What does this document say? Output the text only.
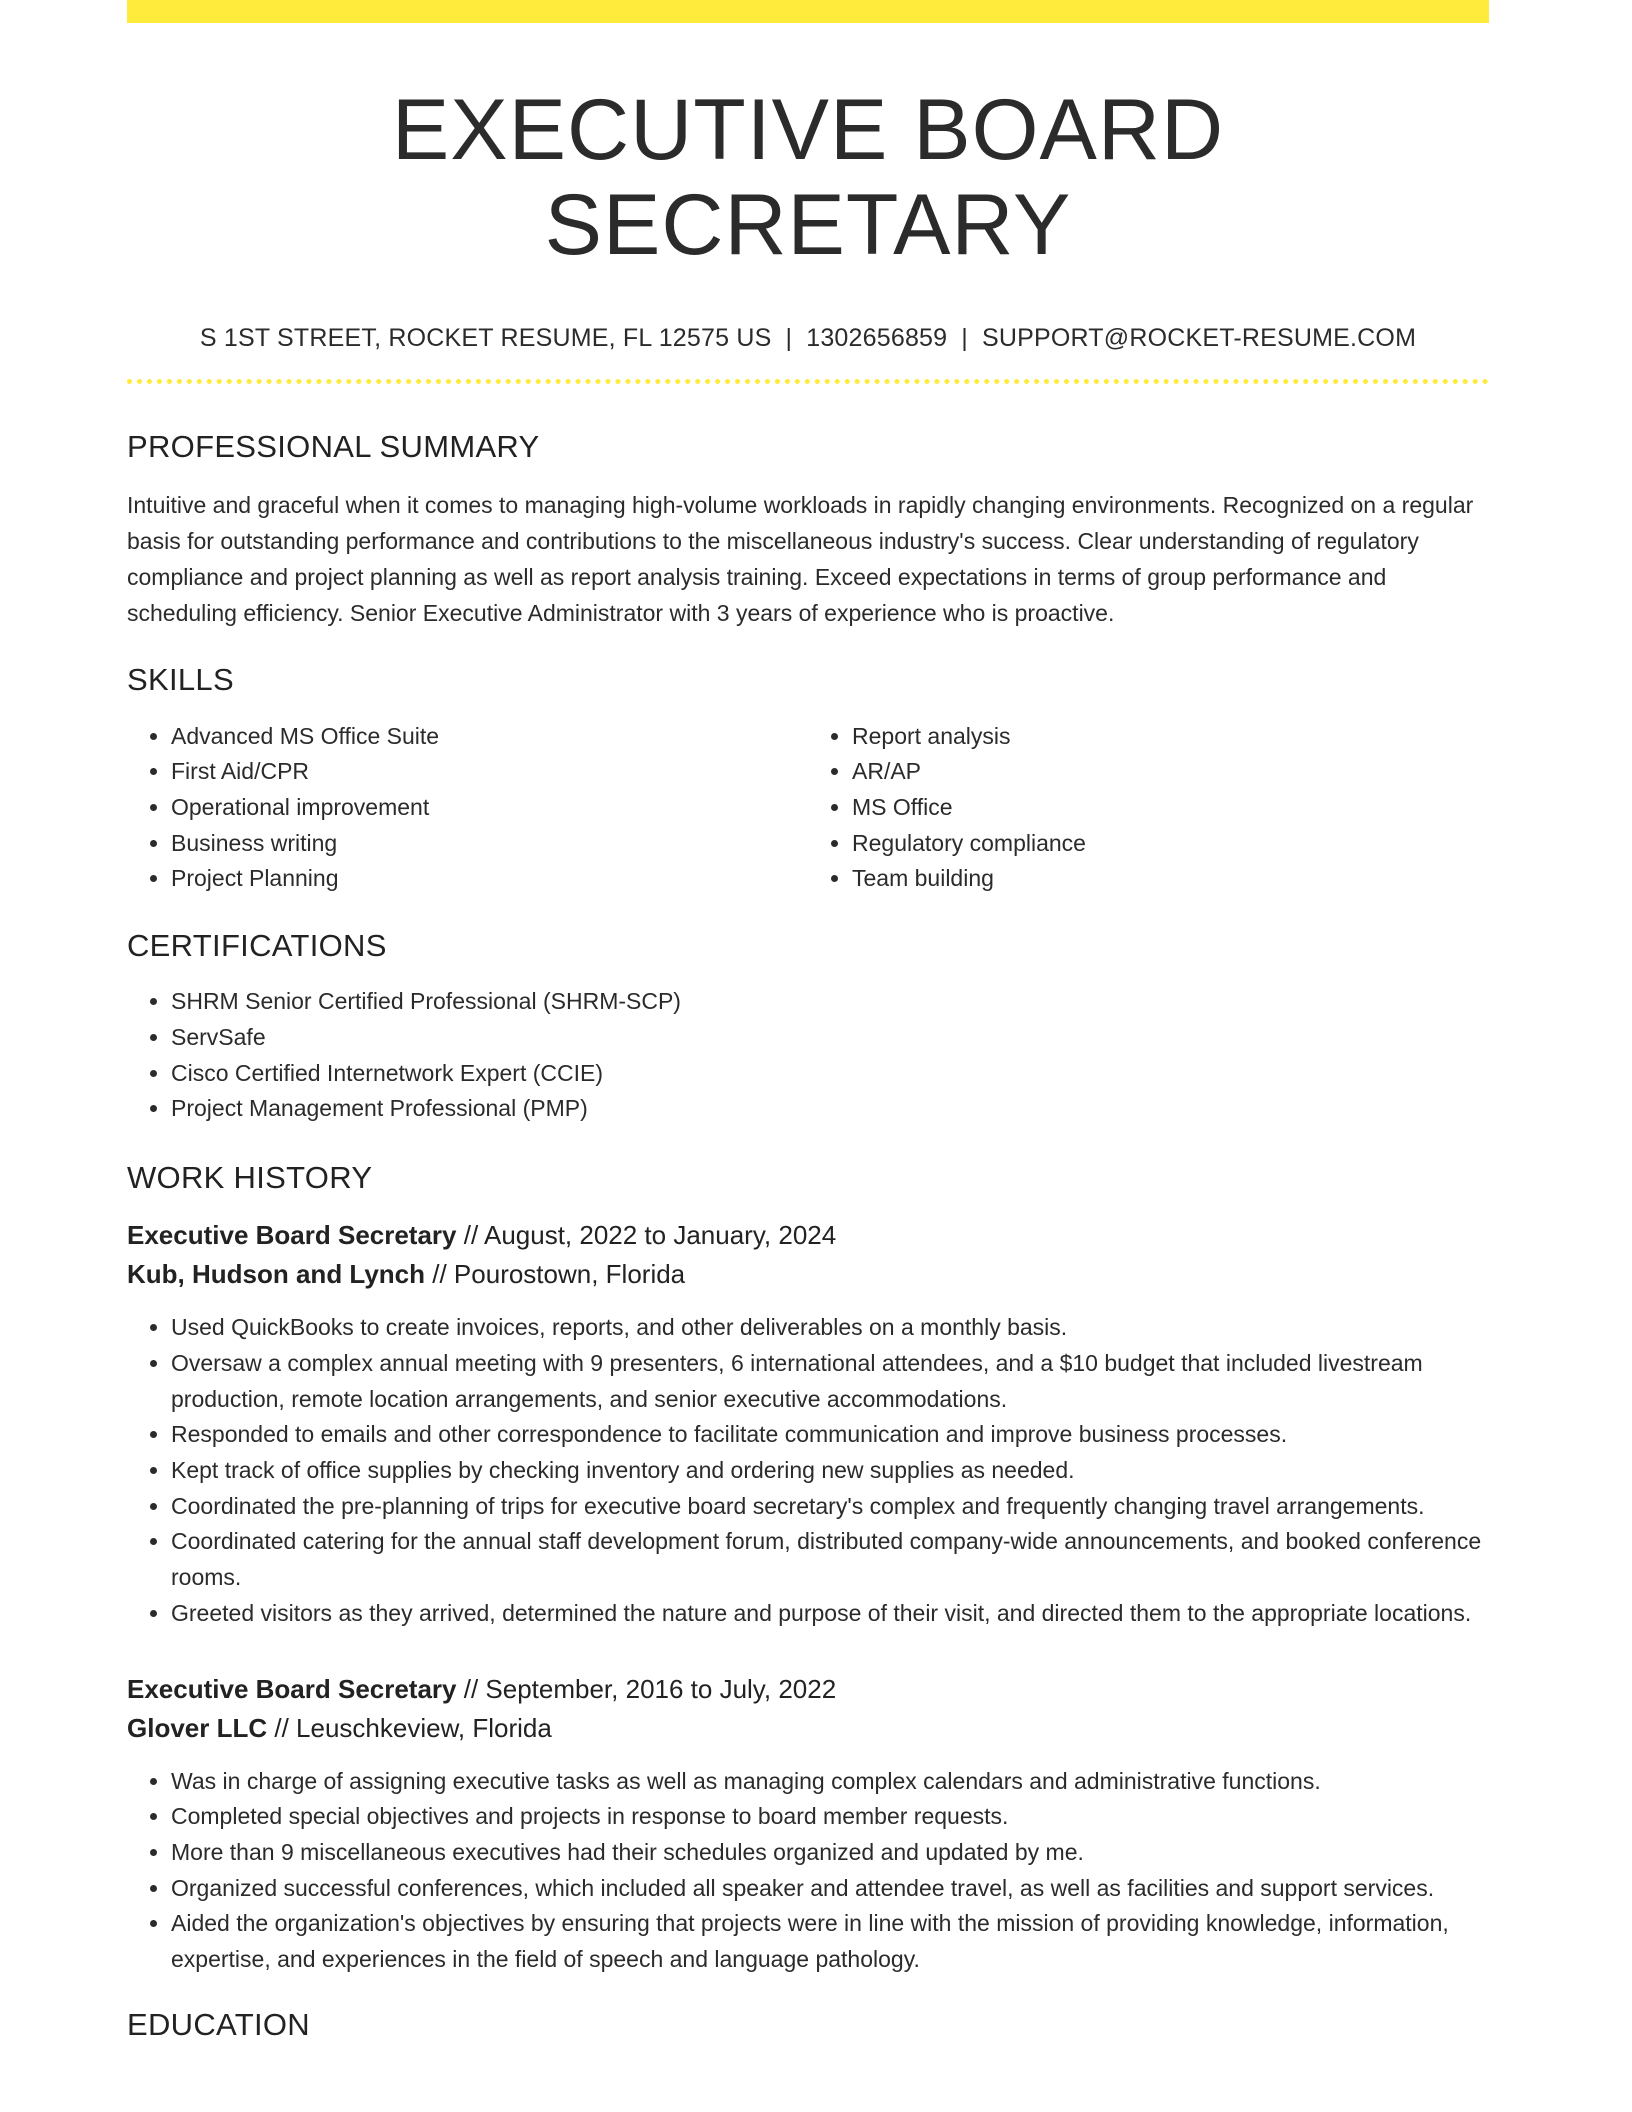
EXECUTIVE BOARD SECRETARY
S 1ST STREET, ROCKET RESUME, FL 12575 US | 1302656859 | SUPPORT@ROCKET-RESUME.COM
PROFESSIONAL SUMMARY
Intuitive and graceful when it comes to managing high-volume workloads in rapidly changing environments. Recognized on a regular basis for outstanding performance and contributions to the miscellaneous industry's success. Clear understanding of regulatory compliance and project planning as well as report analysis training. Exceed expectations in terms of group performance and scheduling efficiency. Senior Executive Administrator with 3 years of experience who is proactive.
SKILLS
• Advanced MS Office Suite
• First Aid/CPR
• Operational improvement
• Business writing
• Project Planning
• Report analysis
• AR/AP
• MS Office
• Regulatory compliance
• Team building
CERTIFICATIONS
• SHRM Senior Certified Professional (SHRM-SCP)
• ServSafe
• Cisco Certified Internetwork Expert (CCIE)
• Project Management Professional (PMP)
WORK HISTORY
Executive Board Secretary // August, 2022 to January, 2024
Kub, Hudson and Lynch // Pourostown, Florida
• Used QuickBooks to create invoices, reports, and other deliverables on a monthly basis.
• Oversaw a complex annual meeting with 9 presenters, 6 international attendees, and a $10 budget that included livestream production, remote location arrangements, and senior executive accommodations.
• Responded to emails and other correspondence to facilitate communication and improve business processes.
• Kept track of office supplies by checking inventory and ordering new supplies as needed.
• Coordinated the pre-planning of trips for executive board secretary's complex and frequently changing travel arrangements.
• Coordinated catering for the annual staff development forum, distributed company-wide announcements, and booked conference rooms.
• Greeted visitors as they arrived, determined the nature and purpose of their visit, and directed them to the appropriate locations.
Executive Board Secretary // September, 2016 to July, 2022
Glover LLC // Leuschkeview, Florida
• Was in charge of assigning executive tasks as well as managing complex calendars and administrative functions.
• Completed special objectives and projects in response to board member requests.
• More than 9 miscellaneous executives had their schedules organized and updated by me.
• Organized successful conferences, which included all speaker and attendee travel, as well as facilities and support services.
• Aided the organization's objectives by ensuring that projects were in line with the mission of providing knowledge, information, expertise, and experiences in the field of speech and language pathology.
EDUCATION
